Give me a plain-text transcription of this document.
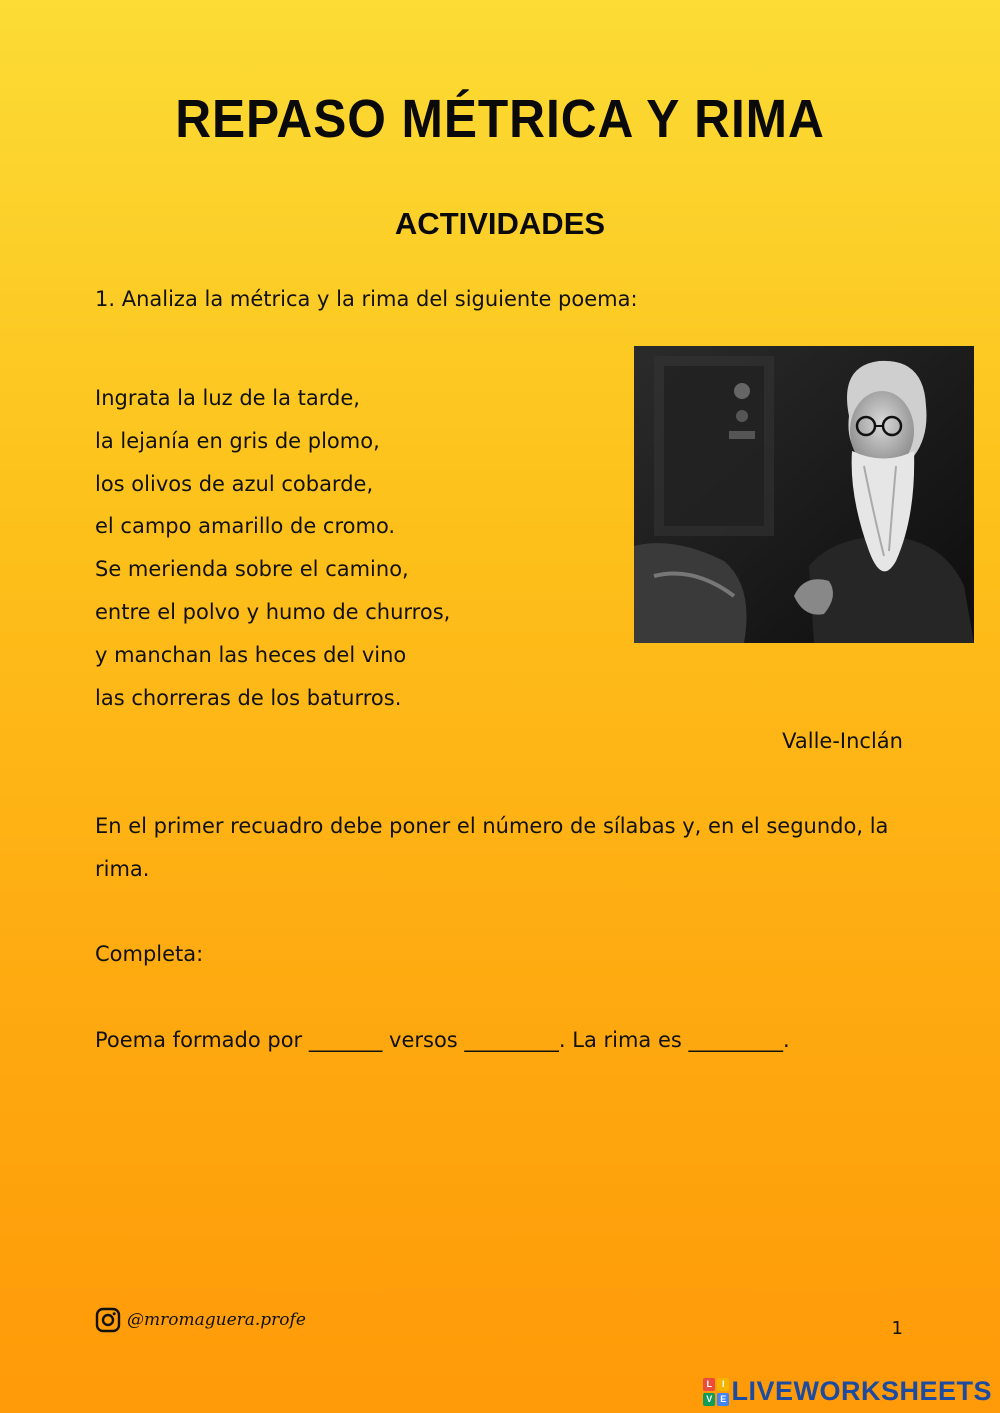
REPASO MÉTRICA Y RIMA
ACTIVIDADES
1. Analiza la métrica y la rima del siguiente poema:
Ingrata la luz de la tarde,
la lejanía en gris de plomo,
los olivos de azul cobarde,
el campo amarillo de cromo.
Se merienda sobre el camino,
entre el polvo y humo de churros,
y manchan las heces del vino
las chorreras de los baturros.
Valle-Inclán
En el primer recuadro debe poner el número de sílabas y, en el segundo, la rima.
Completa:
Poema formado por _______ versos _________. La rima es _________.
@mromaguera.profe	1
L	I
V E LIVEWORKSHEETS
